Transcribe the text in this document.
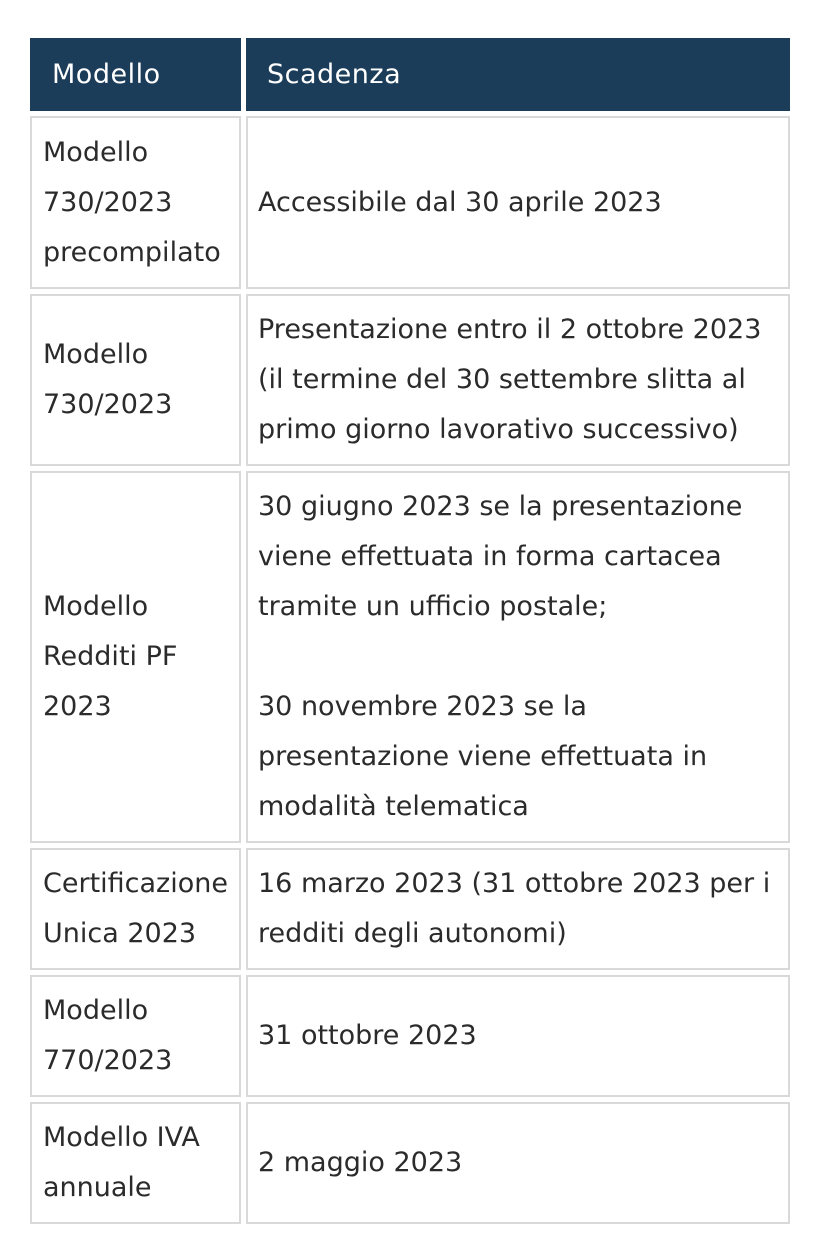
Modello	Scadenza
Modello
730/2023
precompilato
Accessibile dal 30 aprile 2023
Modello
730/2023
Presentazione entro il 2 ottobre 2023
(il termine del 30 settembre slitta al
primo giorno lavorativo successivo)
Modello
Redditi PF
2023
30 giugno 2023 se la presentazione
viene effettuata in forma cartacea
tramite un ufficio postale;

30 novembre 2023 se la
presentazione viene effettuata in
modalità telematica
Certificazione
Unica 2023
16 marzo 2023 (31 ottobre 2023 per i
redditi degli autonomi)
Modello
770/2023
31 ottobre 2023
Modello IVA
annuale
2 maggio 2023
